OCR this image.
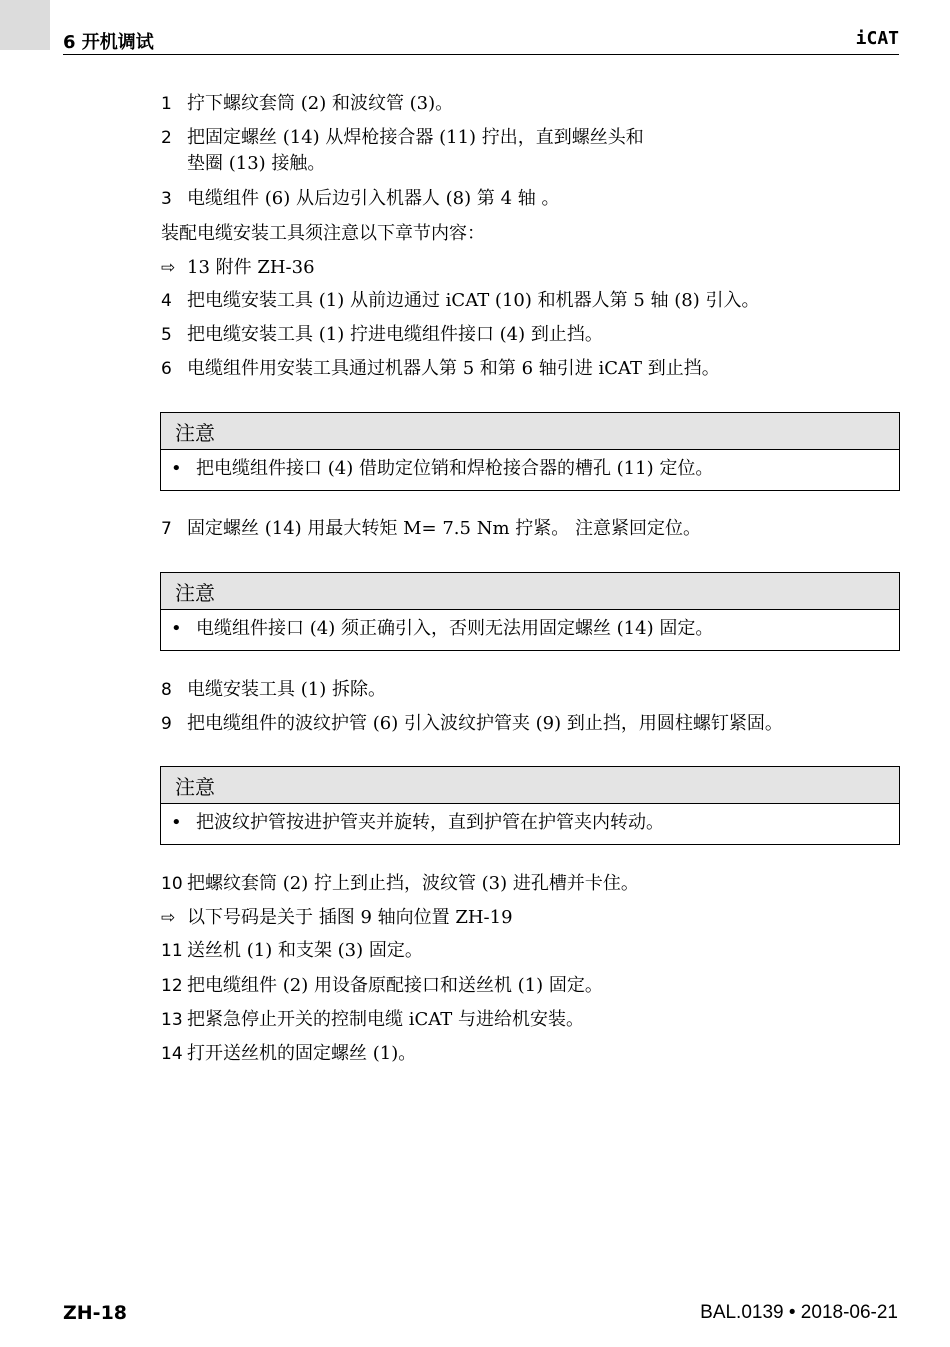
6 开机调试	iCAT
1 拧下螺纹套筒 (2) 和波纹管 (3)。
2 把固定螺丝 (14) 从焊枪接合器 (11) 拧出，直到螺丝头和
垫圈 (13) 接触。
3 电缆组件 (6) 从后边引入机器人 (8) 第 4 轴 。
装配电缆安装工具须注意以下章节内容：
⇨ 13 附件 ZH-36
4 把电缆安装工具 (1) 从前边通过 iCAT (10) 和机器人第 5 轴 (8) 引入。
5 把电缆安装工具 (1) 拧进电缆组件接口 (4) 到止挡。
6 电缆组件用安装工具通过机器人第 5 和第 6 轴引进 iCAT 到止挡。
注意
• 把电缆组件接口 (4) 借助定位销和焊枪接合器的槽孔 (11) 定位。
7 固定螺丝 (14) 用最大转矩 M= 7.5 Nm 拧紧。 注意紧回定位。
注意
• 电缆组件接口 (4) 须正确引入，否则无法用固定螺丝 (14) 固定。
8 电缆安装工具 (1) 拆除。
9 把电缆组件的波纹护管 (6) 引入波纹护管夹 (9) 到止挡，用圆柱螺钉紧固。
注意
• 把波纹护管按进护管夹并旋转，直到护管在护管夹内转动。
10 把螺纹套筒 (2) 拧上到止挡，波纹管 (3) 进孔槽并卡住。
⇨ 以下号码是关于 插图 9 轴向位置 ZH-19
11 送丝机 (1) 和支架 (3) 固定。
12 把电缆组件 (2) 用设备原配接口和送丝机 (1) 固定。
13 把紧急停止开关的控制电缆 iCAT 与进给机安装。
14 打开送丝机的固定螺丝 (1)。
ZH-18	BAL.0139 • 2018-06-21
